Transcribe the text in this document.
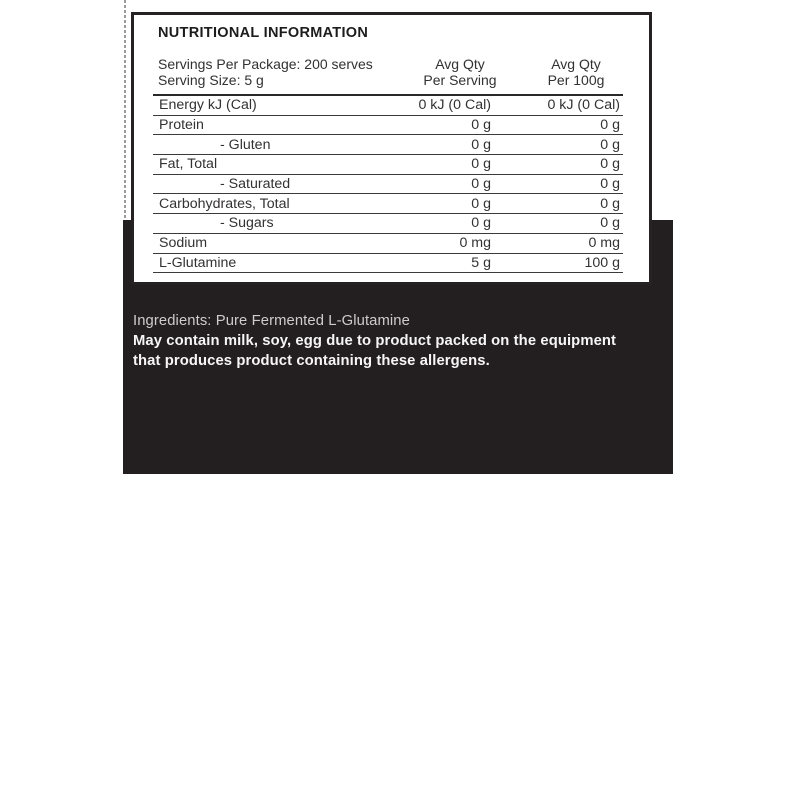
Ingredients: Pure Fermented L-Glutamine
May contain milk, soy, egg due to product packed on the equipment
that produces product containing these allergens.
NUTRITIONAL INFORMATION
Servings Per Package: 200 serves
Serving Size: 5 g
Avg Qty
Per Serving
Avg Qty
Per 100g
Energy kJ (Cal)	0 kJ (0 Cal)	0 kJ (0 Cal)
Protein	0 g	0 g
- Gluten	0 g	0 g
Fat, Total	0 g	0 g
- Saturated	0 g	0 g
Carbohydrates, Total	0 g	0 g
- Sugars	0 g	0 g
Sodium	0 mg	0 mg
L-Glutamine	5 g	100 g
